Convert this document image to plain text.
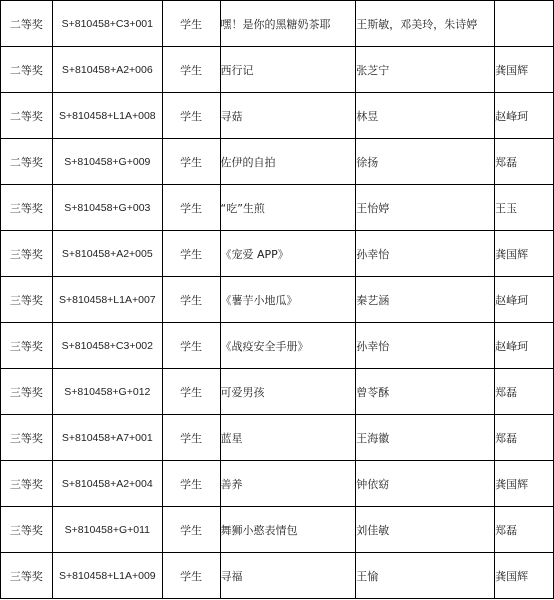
二等奖	S+810458+C3+001	学生	嘿！是你的黑糖奶茶耶	王斯敏，邓美玲，朱诗婷	
二等奖	S+810458+A2+006	学生	西行记	张芝宁	龚国辉
二等奖	S+810458+L1A+008	学生	寻菇	林昱	赵峰珂
二等奖	S+810458+G+009	学生	佐伊的自拍	徐扬	郑磊
三等奖	S+810458+G+003	学生	“吃”生煎	王怡婷	王玉
三等奖	S+810458+A2+005	学生	《宠爱 APP》	孙幸怡	龚国辉
三等奖	S+810458+L1A+007	学生	《薯芋小地瓜》	秦艺涵	赵峰珂
三等奖	S+810458+C3+002	学生	《战疫安全手册》	孙幸怡	赵峰珂
三等奖	S+810458+G+012	学生	可爱男孩	曾苓酥	郑磊
三等奖	S+810458+A7+001	学生	蓝星	王海徽	郑磊
三等奖	S+810458+A2+004	学生	善养	钟依窈	龚国辉
三等奖	S+810458+G+011	学生	舞狮小憨表情包	刘佳敏	郑磊
三等奖	S+810458+L1A+009	学生	寻福	王愉	龚国辉
